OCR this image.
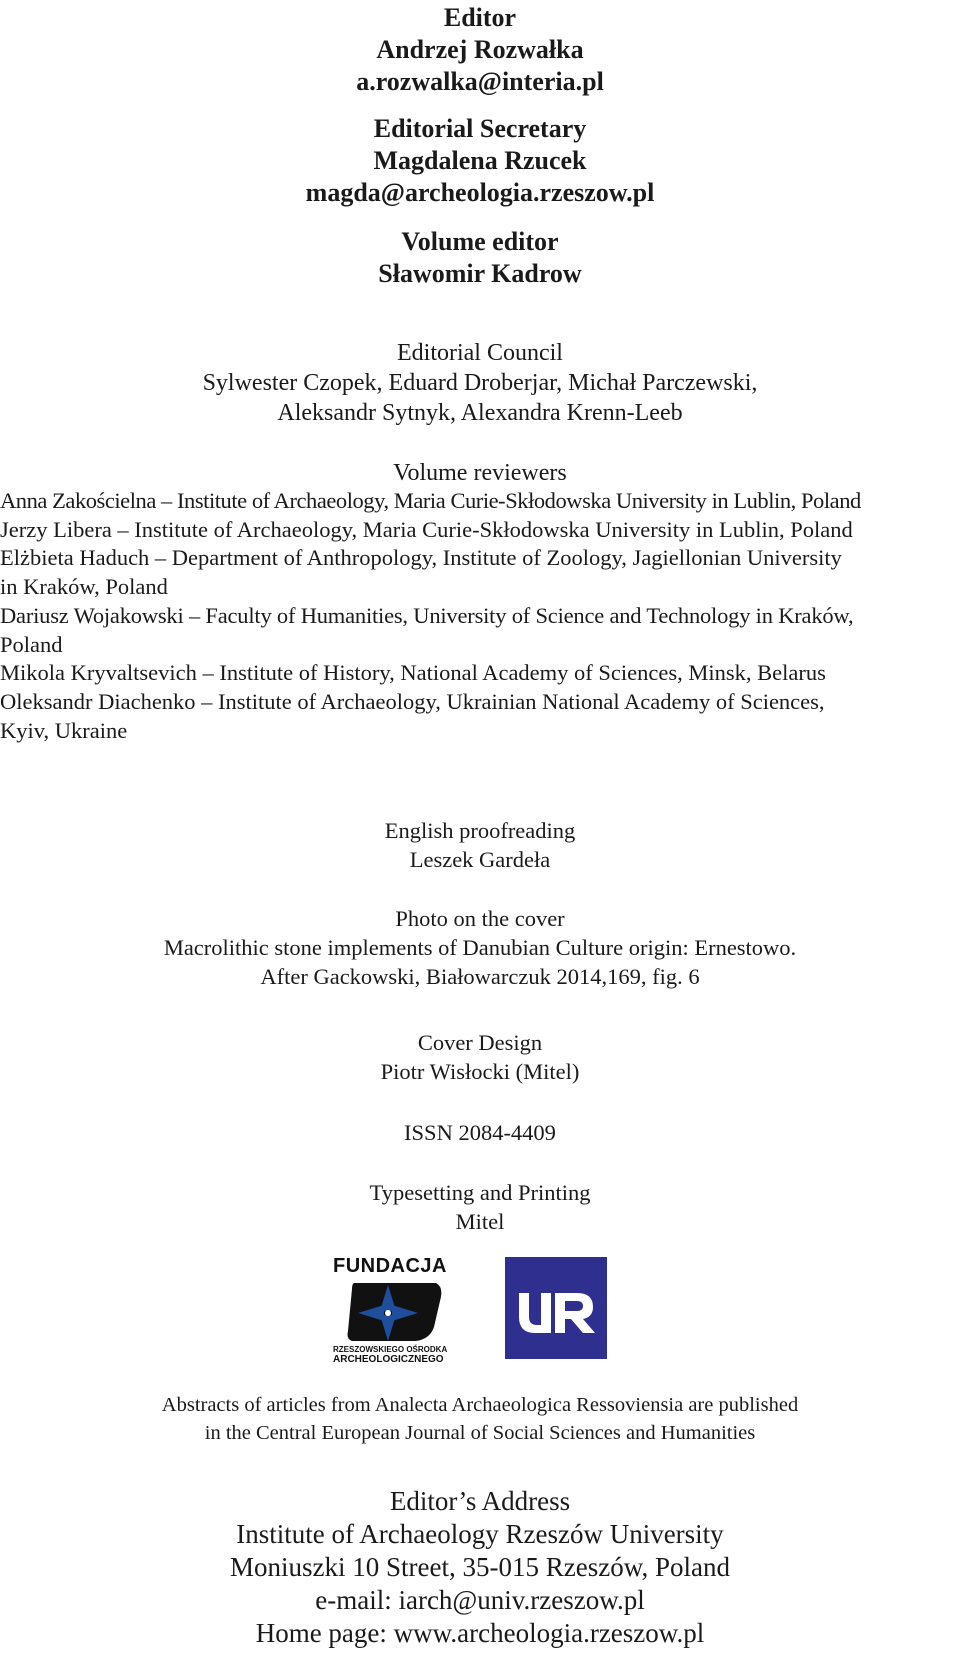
Editor
Andrzej Rozwałka
a.rozwalka@interia.pl
Editorial Secretary
Magdalena Rzucek
magda@archeologia.rzeszow.pl
Volume editor
Sławomir Kadrow
Editorial Council
Sylwester Czopek, Eduard Droberjar, Michał Parczewski,
Aleksandr Sytnyk, Alexandra Krenn-Leeb
Volume reviewers
Anna Zakościelna – Institute of Archaeology, Maria Curie-Skłodowska University in Lublin, Poland
Jerzy Libera – Institute of Archaeology, Maria Curie-Skłodowska University in Lublin, Poland
Elżbieta Haduch – Department of Anthropology, Institute of Zoology, Jagiellonian University
in Kraków, Poland
Dariusz Wojakowski – Faculty of Humanities, University of Science and Technology in Kraków,
Poland
Mikola Kryvaltsevich – Institute of History, National Academy of Sciences, Minsk, Belarus
Oleksandr Diachenko – Institute of Archaeology, Ukrainian National Academy of Sciences,
Kyiv, Ukraine
English proofreading
Leszek Gardeła
Photo on the cover
Macrolithic stone implements of Danubian Culture origin: Ernestowo.
After Gackowski, Białowarczuk 2014,169, fig. 6
Cover Design
Piotr Wisłocki (Mitel)
ISSN 2084-4409
Typesetting and Printing
Mitel
FUNDACJA
RZESZOWSKIEGO OŚRODKA
ARCHEOLOGICZNEGO
Abstracts of articles from Analecta Archaeologica Ressoviensia are published
in the Central European Journal of Social Sciences and Humanities
Editor’s Address
Institute of Archaeology Rzeszów University
Moniuszki 10 Street, 35-015 Rzeszów, Poland
e-mail: iarch@univ.rzeszow.pl
Home page: www.archeologia.rzeszow.pl
